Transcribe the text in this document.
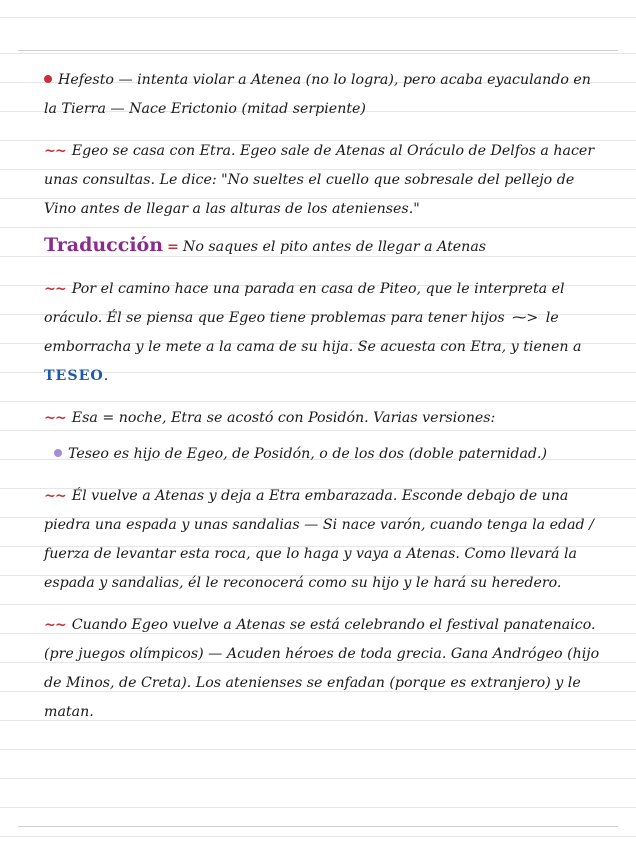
Hefesto — intenta violar a Atenea (no lo logra), pero acaba eyaculando en la Tierra — Nace Erictonio (mitad serpiente)

~~ Egeo se casa con Etra. Egeo sale de Atenas al Oráculo de Delfos a hacer unas consultas. Le dice: "No sueltes el cuello que sobresale del pellejo de Vino antes de llegar a las alturas de los atenienses."

Traducción = No saques el pito antes de llegar a Atenas

~~ Por el camino hace una parada en casa de Piteo, que le interpreta el oráculo. Él se piensa que Egeo tiene problemas para tener hijos ⁓> le emborracha y le mete a la cama de su hija. Se acuesta con Etra, y tienen a TESEO.

~~ Esa = noche, Etra se acostó con Posidón. Varias versiones:

Teseo es hijo de Egeo, de Posidón, o de los dos (doble paternidad.)

~~ Él vuelve a Atenas y deja a Etra embarazada. Esconde debajo de una piedra una espada y unas sandalias — Si nace varón, cuando tenga la edad / fuerza de levantar esta roca, que lo haga y vaya a Atenas. Como llevará la espada y sandalias, él le reconocerá como su hijo y le hará su heredero.

~~ Cuando Egeo vuelve a Atenas se está celebrando el festival panatenaico. (pre juegos olímpicos) — Acuden héroes de toda grecia. Gana Andrógeo (hijo de Minos, de Creta). Los atenienses se enfadan (porque es extranjero) y le matan.
